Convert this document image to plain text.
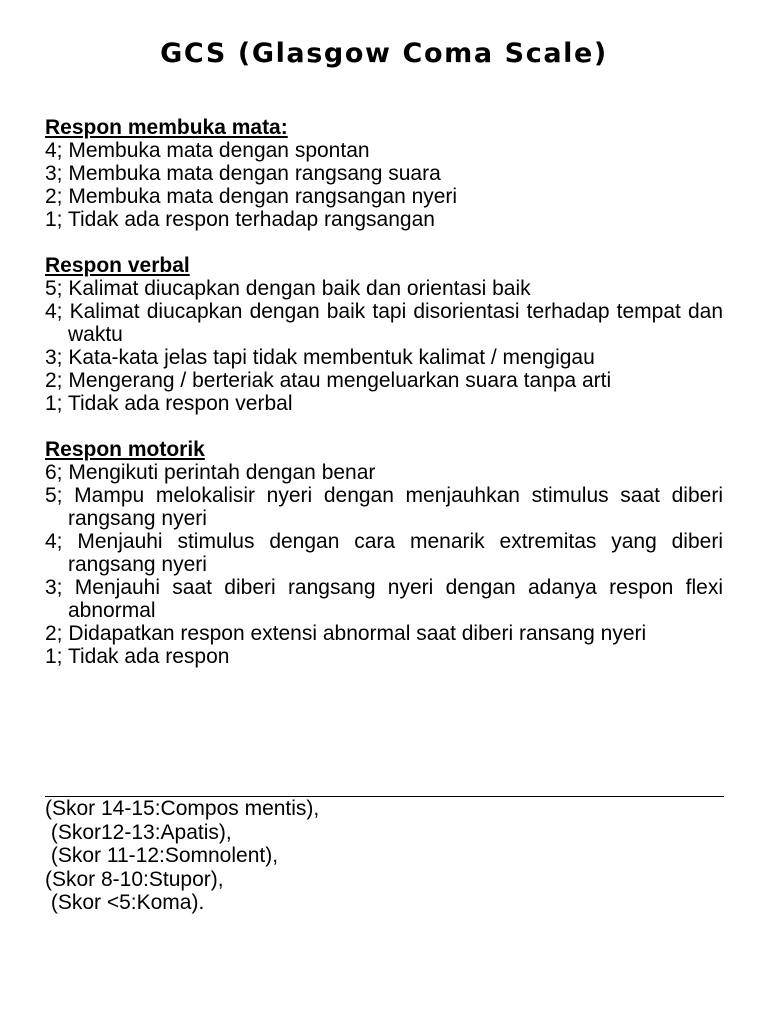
GCS (Glasgow Coma Scale)
Respon membuka mata:
4; Membuka mata dengan spontan
3; Membuka mata dengan rangsang suara
2; Membuka mata dengan rangsangan nyeri
1; Tidak ada respon terhadap rangsangan
Respon verbal
5; Kalimat diucapkan dengan baik dan orientasi baik
4; Kalimat diucapkan dengan baik tapi disorientasi terhadap tempat dan waktu
3; Kata-kata jelas tapi tidak membentuk kalimat / mengigau
2; Mengerang / berteriak atau mengeluarkan suara tanpa arti
1; Tidak ada respon verbal
Respon motorik
6; Mengikuti perintah dengan benar
5; Mampu melokalisir nyeri dengan menjauhkan stimulus saat diberi rangsang nyeri
4; Menjauhi stimulus dengan cara menarik extremitas yang diberi rangsang nyeri
3; Menjauhi saat diberi rangsang nyeri dengan adanya respon flexi abnormal
2; Didapatkan respon extensi abnormal saat diberi ransang nyeri
1; Tidak ada respon
(Skor 14-15:Compos mentis),
(Skor12-13:Apatis),
(Skor 11-12:Somnolent),
(Skor 8-10:Stupor),
(Skor <5:Koma).
